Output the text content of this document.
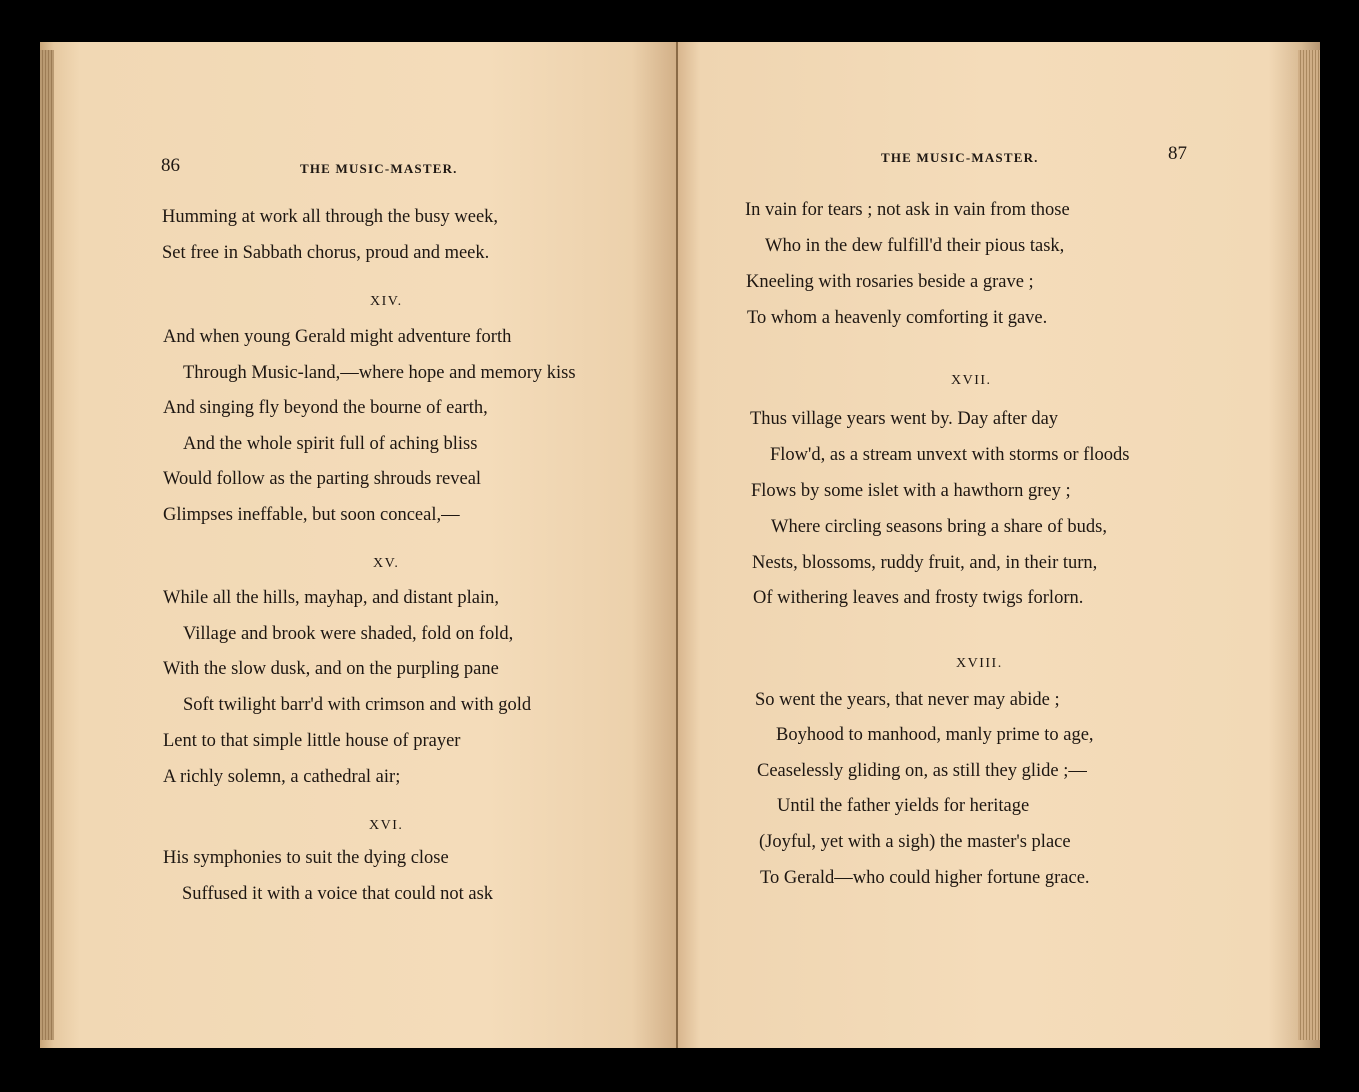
86	THE MUSIC-MASTER.
Humming at work all through the busy week,
Set free in Sabbath chorus, proud and meek.
XIV.
And when young Gerald might adventure forth
Through Music-land,—where hope and memory kiss
And singing fly beyond the bourne of earth,
And the whole spirit full of aching bliss
Would follow as the parting shrouds reveal
Glimpses ineffable, but soon conceal,—
XV.
While all the hills, mayhap, and distant plain,
Village and brook were shaded, fold on fold,
With the slow dusk, and on the purpling pane
Soft twilight barr'd with crimson and with gold
Lent to that simple little house of prayer
A richly solemn, a cathedral air;
XVI.
His symphonies to suit the dying close
Suffused it with a voice that could not ask
THE MUSIC-MASTER.	87
In vain for tears ; not ask in vain from those
Who in the dew fulfill'd their pious task,
Kneeling with rosaries beside a grave ;
To whom a heavenly comforting it gave.
XVII.
Thus village years went by. Day after day
Flow'd, as a stream unvext with storms or floods
Flows by some islet with a hawthorn grey ;
Where circling seasons bring a share of buds,
Nests, blossoms, ruddy fruit, and, in their turn,
Of withering leaves and frosty twigs forlorn.
XVIII.
So went the years, that never may abide ;
Boyhood to manhood, manly prime to age,
Ceaselessly gliding on, as still they glide ;—
Until the father yields for heritage
(Joyful, yet with a sigh) the master's place
To Gerald—who could higher fortune grace.
